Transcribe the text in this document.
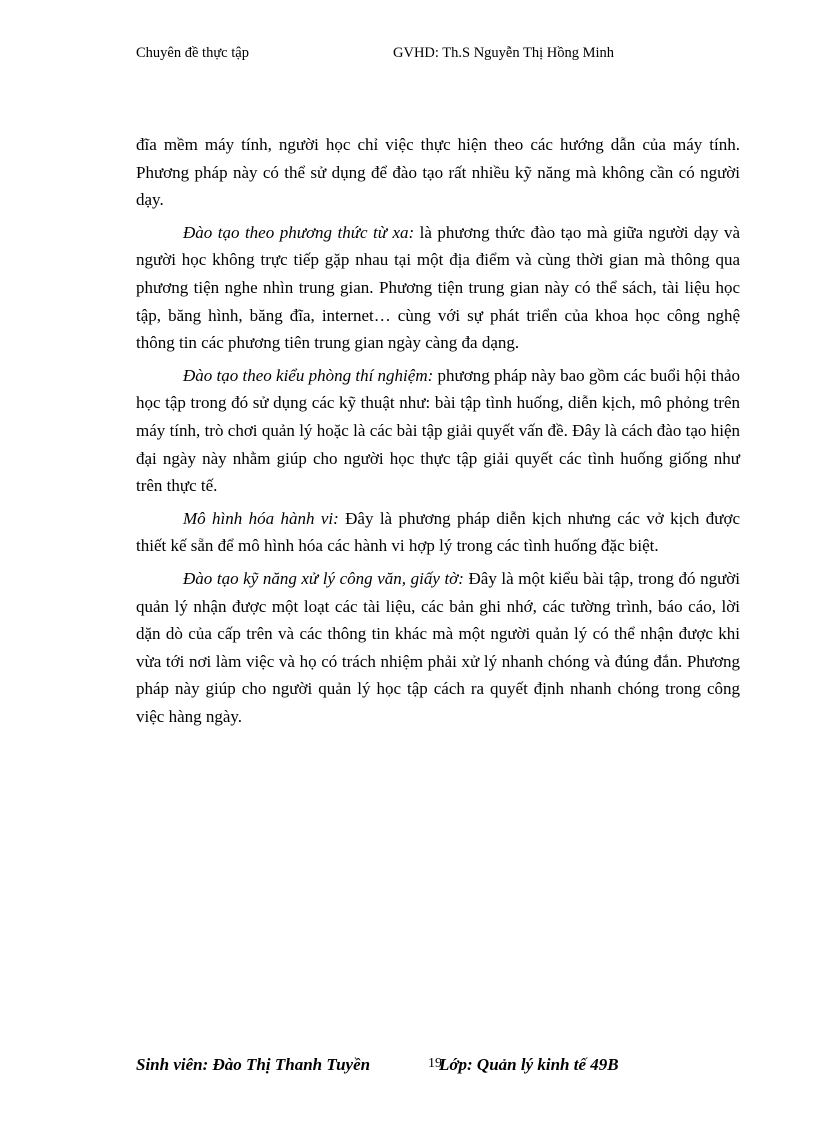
Chuyên đề thực tập	GVHD: Th.S Nguyễn Thị Hồng Minh

đĩa mềm máy tính, người học chỉ việc thực hiện theo các hướng dẫn của máy tính. Phương pháp này có thể sử dụng để đào tạo rất nhiều kỹ năng mà không cần có người dạy.

Đào tạo theo phương thức từ xa: là phương thức đào tạo mà giữa người dạy và người học không trực tiếp gặp nhau tại một địa điểm và cùng thời gian mà thông qua phương tiện nghe nhìn trung gian. Phương tiện trung gian này có thể sách, tài liệu học tập, băng hình, băng đĩa, internet… cùng với sự phát triển của khoa học công nghệ thông tin các phương tiên trung gian ngày càng đa dạng.

Đào tạo theo kiểu phòng thí nghiệm: phương pháp này bao gồm các buổi hội thảo học tập trong đó sử dụng các kỹ thuật như: bài tập tình huống, diễn kịch, mô phỏng trên máy tính, trò chơi quản lý hoặc là các bài tập giải quyết vấn đề. Đây là cách đào tạo hiện đại ngày này nhằm giúp cho người học thực tập giải quyết các tình huống giống như trên thực tế.

Mô hình hóa hành vi: Đây là phương pháp diễn kịch nhưng các vở kịch được thiết kế sẵn để mô hình hóa các hành vi hợp lý trong các tình huống đặc biệt.

Đào tạo kỹ năng xử lý công văn, giấy tờ: Đây là một kiểu bài tập, trong đó người quản lý nhận được một loạt các tài liệu, các bản ghi nhớ, các tường trình, báo cáo, lời dặn dò của cấp trên và các thông tin khác mà một người quản lý có thể nhận được khi vừa tới nơi làm việc và họ có trách nhiệm phải xử lý nhanh chóng và đúng đắn. Phương pháp này giúp cho người quản lý học tập cách ra quyết định nhanh chóng trong công việc hàng ngày.

Sinh viên: Đào Thị Thanh Tuyền	19
Lớp: Quản lý kinh tế 49B
